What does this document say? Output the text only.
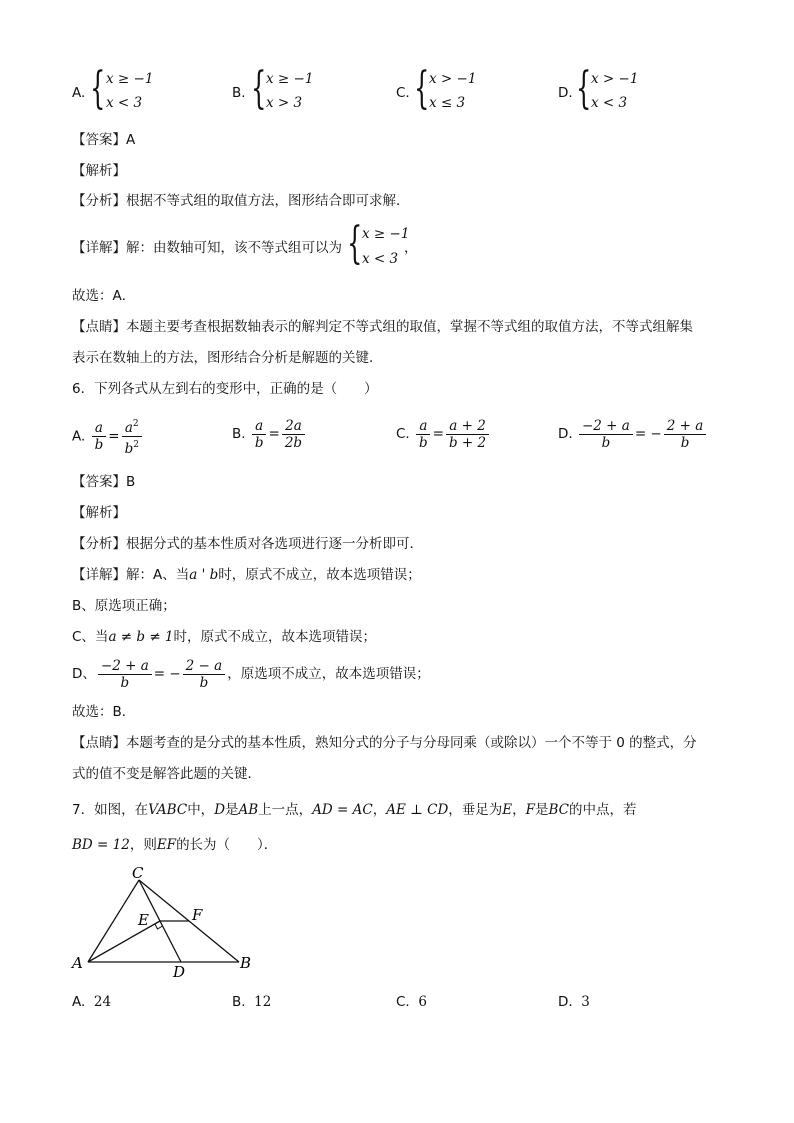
A. { x ≥ −1
x < 3
B. { x ≥ −1
x > 3
C. { x > −1
x ≤ 3
D. { x > −1
x < 3
【答案】A
【解析】
【分析】根据不等式组的取值方法，图形结合即可求解．
【详解】解：由数轴可知，该不等式组可以为 { x ≥ −1
x < 3
，
故选：A．
【点睛】本题主要考查根据数轴表示的解判定不等式组的取值，掌握不等式组的取值方法，不等式组解集
表示在数轴上的方法，图形结合分析是解题的关键．
6．下列各式从左到右的变形中，正确的是（　　）
A. $\frac{a}{b} = \frac{a^2}{b^2}$	B. $\frac{a}{b} = \frac{2a}{2b}$	C. $\frac{a}{b} = \frac{a + 2}{b + 2}$	D. $\frac{-2 + a}{b}$ = − $\frac{2 + a}{b}$
【答案】B
【解析】
【分析】根据分式的基本性质对各选项进行逐一分析即可．
【详解】解：A、当a ' b时，原式不成立，故本选项错误；
B、原选项正确；
C、当a ≠ b ≠ 1时，原式不成立，故本选项错误；
D、 $\frac{-2 + a}{b}$ = − $\frac{2 - a}{b}$ ，原选项不成立，故本选项错误；
故选：B．
【点睛】本题考查的是分式的基本性质，熟知分式的分子与分母同乘（或除以）一个不等于 0 的整式，分
式的值不变是解答此题的关键．
7．如图，在VABC中，D是AB上一点，AD = AC，AE ⊥ CD，垂足为E，F是BC的中点，若
BD = 12，则EF的长为（　　）．
C
E	F
A	D	B
A. 24	B. 12	C. 6	D. 3
